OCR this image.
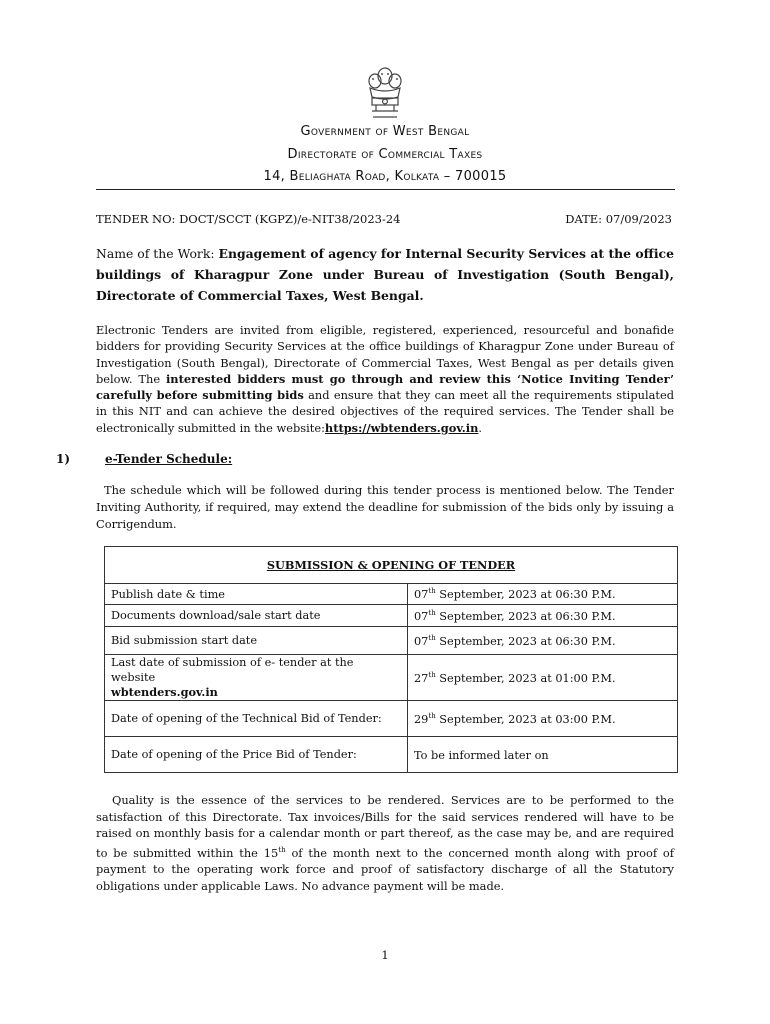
Government of West Bengal
Directorate of Commercial Taxes
14, Beliaghata Road, Kolkata – 700015
TENDER NO: DOCT/SCCT (KGPZ)/e-NIT38/2023-24	DATE: 07/09/2023
Name of the Work: Engagement of agency for Internal Security Services at the office buildings of Kharagpur Zone under Bureau of Investigation (South Bengal), Directorate of Commercial Taxes, West Bengal.
Electronic Tenders are invited from eligible, registered, experienced, resourceful and bonafide bidders for providing Security Services at the office buildings of Kharagpur Zone under Bureau of Investigation (South Bengal), Directorate of Commercial Taxes, West Bengal as per details given below. The interested bidders must go through and review this ‘Notice Inviting Tender’ carefully before submitting bids and ensure that they can meet all the requirements stipulated in this NIT and can achieve the desired objectives of the required services. The Tender shall be electronically submitted in the website:https://wbtenders.gov.in.
1)	e-Tender Schedule:
The schedule which will be followed during this tender process is mentioned below. The Tender Inviting Authority, if required, may extend the deadline for submission of the bids only by issuing a Corrigendum.
SUBMISSION & OPENING OF TENDER	
Publish date & time	07th September, 2023 at 06:30 P.M.
Documents download/sale start date	07th September, 2023 at 06:30 P.M.
Bid submission start date	07th September, 2023 at 06:30 P.M.
Last date of submission of e- tender at the website
wbtenders.gov.in	27th September, 2023 at 01:00 P.M.
Date of opening of the Technical Bid of Tender:	29th September, 2023 at 03:00 P.M.
Date of opening of the Price Bid of Tender:	To be informed later on
Quality is the essence of the services to be rendered. Services are to be performed to the satisfaction of this Directorate. Tax invoices/Bills for the said services rendered will have to be raised on monthly basis for a calendar month or part thereof, as the case may be, and are required to be submitted within the 15th of the month next to the concerned month along with proof of payment to the operating work force and proof of satisfactory discharge of all the Statutory obligations under applicable Laws. No advance payment will be made.
1
